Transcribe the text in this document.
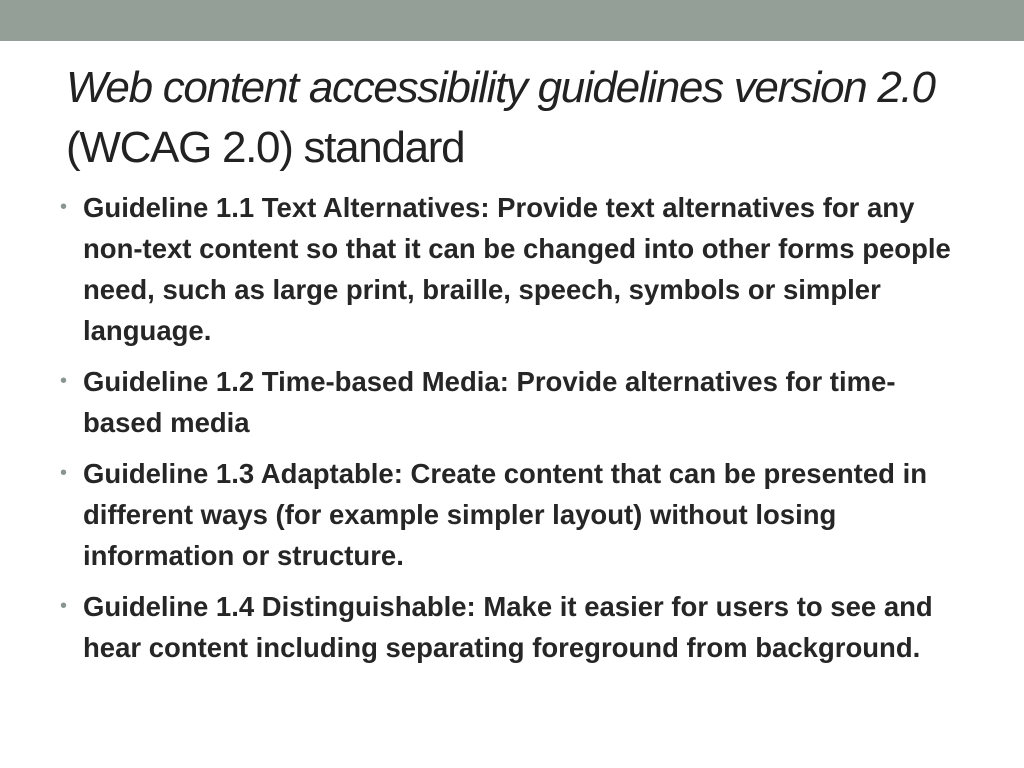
Web content accessibility guidelines version 2.0 (WCAG 2.0) standard
• Guideline 1.1 Text Alternatives: Provide text alternatives for any non-text content so that it can be changed into other forms people need, such as large print, braille, speech, symbols or simpler language.
• Guideline 1.2 Time-based Media: Provide alternatives for time-based media
• Guideline 1.3 Adaptable: Create content that can be presented in different ways (for example simpler layout) without losing information or structure.
• Guideline 1.4 Distinguishable: Make it easier for users to see and hear content including separating foreground from background.
